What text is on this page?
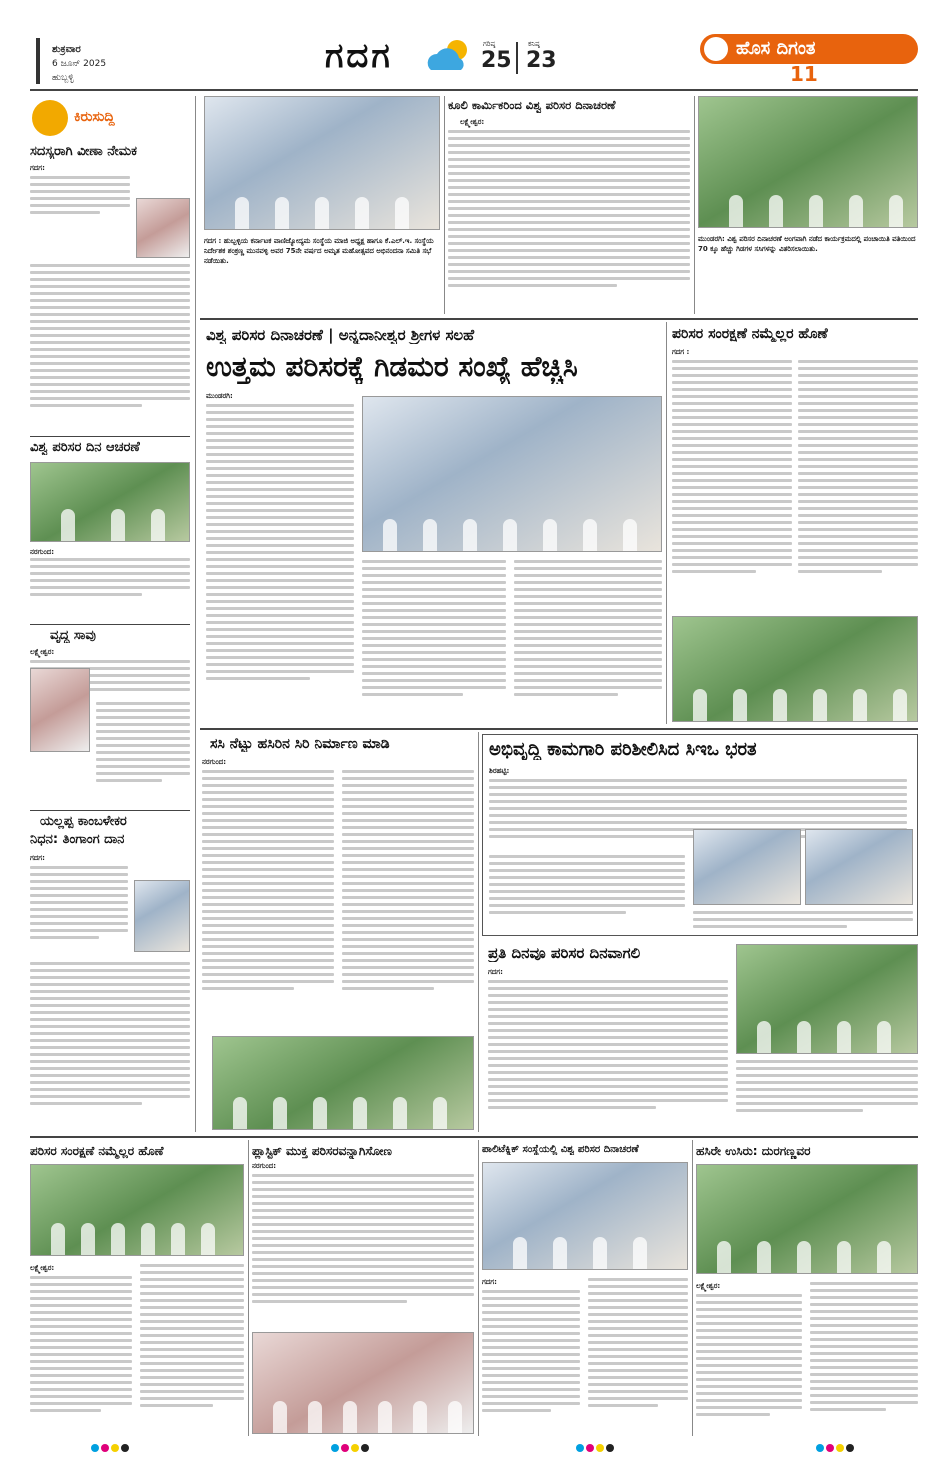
ಶುಕ್ರವಾರ
6 ಜೂನ್ 2025
ಹುಬ್ಬಳ್ಳಿ
ಗದಗ	ಗರಿಷ್ಠ
25
ಕನಿಷ್ಠ
23	ಹೊಸ ದಿಗಂತ
11
ಕಿರುಸುದ್ದಿ
ಸದಸ್ಯರಾಗಿ ವೀಣಾ ನೇಮಕ
ಗದಗ:
ವಿಶ್ವ ಪರಿಸರ ದಿನ ಆಚರಣೆ
ನರಗುಂದ:
ವೃದ್ಧ ಸಾವು
ಲಕ್ಷ್ಮೇಶ್ವರ:
ಯಲ್ಲಪ್ಪ ಕಾಂಬಳೇಕರ
ನಿಧನ: ತಿಂಗಾಂಗ ದಾನ
ಗದಗ:
ಗದಗ : ಹುಬ್ಬಳ್ಳಿಯ ಕರ್ನಾಟಕ ವಾಣಿಜ್ಯೋದ್ಯಮ ಸಂಸ್ಥೆಯ ಮಾಜಿ ಅಧ್ಯಕ್ಷ ಹಾಗೂ ಕೆ.ಎಲ್.ಇ. ಸಂಸ್ಥೆಯ ನಿರ್ದೇಶಕ ಶಂಕ್ರಣ್ಣ ಮುನವಳ್ಳಿ ಅವರ 75ನೇ ವರ್ಷದ ಅಮೃತ ಮಹೋತ್ಸವದ ಅಭಿನಂದನಾ ಸಮಿತಿ ಸಭೆ ನಡೆಯಿತು.
ಕೂಲಿ ಕಾರ್ಮಿಕರಿಂದ ವಿಶ್ವ ಪರಿಸರ ದಿನಾಚರಣೆ
ಲಕ್ಷ್ಮೇಶ್ವರ:
ಮುಂಡರಗಿ: ವಿಶ್ವ ಪರಿಸರ ದಿನಾಚರಣೆ ಅಂಗವಾಗಿ ನಡೆದ ಕಾರ್ಯಕ್ರಮದಲ್ಲಿ ಪಂಚಾಯಿತಿ ವತಿಯಿಂದ 70 ಕ್ಕೂ ಹೆಚ್ಚು ಗಿಡಗಳ ಸಸಿಗಳನ್ನು ವಿತರಿಸಲಾಯಿತು.
ವಿಶ್ವ ಪರಿಸರ ದಿನಾಚರಣೆ | ಅನ್ನದಾನೀಶ್ವರ ಶ್ರೀಗಳ ಸಲಹೆ
ಉತ್ತಮ ಪರಿಸರಕ್ಕೆ ಗಿಡಮರ ಸಂಖ್ಯೆ ಹೆಚ್ಚಿಸಿ
ಮುಂಡರಗಿ:
ಪರಿಸರ ಸಂರಕ್ಷಣೆ ನಮ್ಮೆಲ್ಲರ ಹೊಣೆ
ಗದಗ :
ಸಸಿ ನೆಟ್ಟು ಹಸಿರಿನ ಸಿರಿ ನಿರ್ಮಾಣ ಮಾಡಿ
ನರಗುಂದ:
ಅಭಿವೃದ್ಧಿ ಕಾಮಗಾರಿ ಪರಿಶೀಲಿಸಿದ ಸಿಇಒ ಭರತ
ಶಿರಹಟ್ಟಿ:
ಪ್ರತಿ ದಿನವೂ ಪರಿಸರ ದಿನವಾಗಲಿ
ಗದಗ:
ಪರಿಸರ ಸಂರಕ್ಷಣೆ ನಮ್ಮೆಲ್ಲರ ಹೊಣೆ
ಲಕ್ಷ್ಮೇಶ್ವರ:
ಪ್ಲಾಸ್ಟಿಕ್ ಮುಕ್ತ ಪರಿಸರವನ್ನಾಗಿಸೋಣ
ನರಗುಂದ:
ಪಾಲಿಟೆಕ್ನಿಕ್ ಸಂಸ್ಥೆಯಲ್ಲಿ ವಿಶ್ವ ಪರಿಸರ ದಿನಾಚರಣೆ
ಗದಗ:
ಹಸಿರೇ ಉಸಿರು: ದುರಗಣ್ಣವರ
ಲಕ್ಷ್ಮೇಶ್ವರ:
